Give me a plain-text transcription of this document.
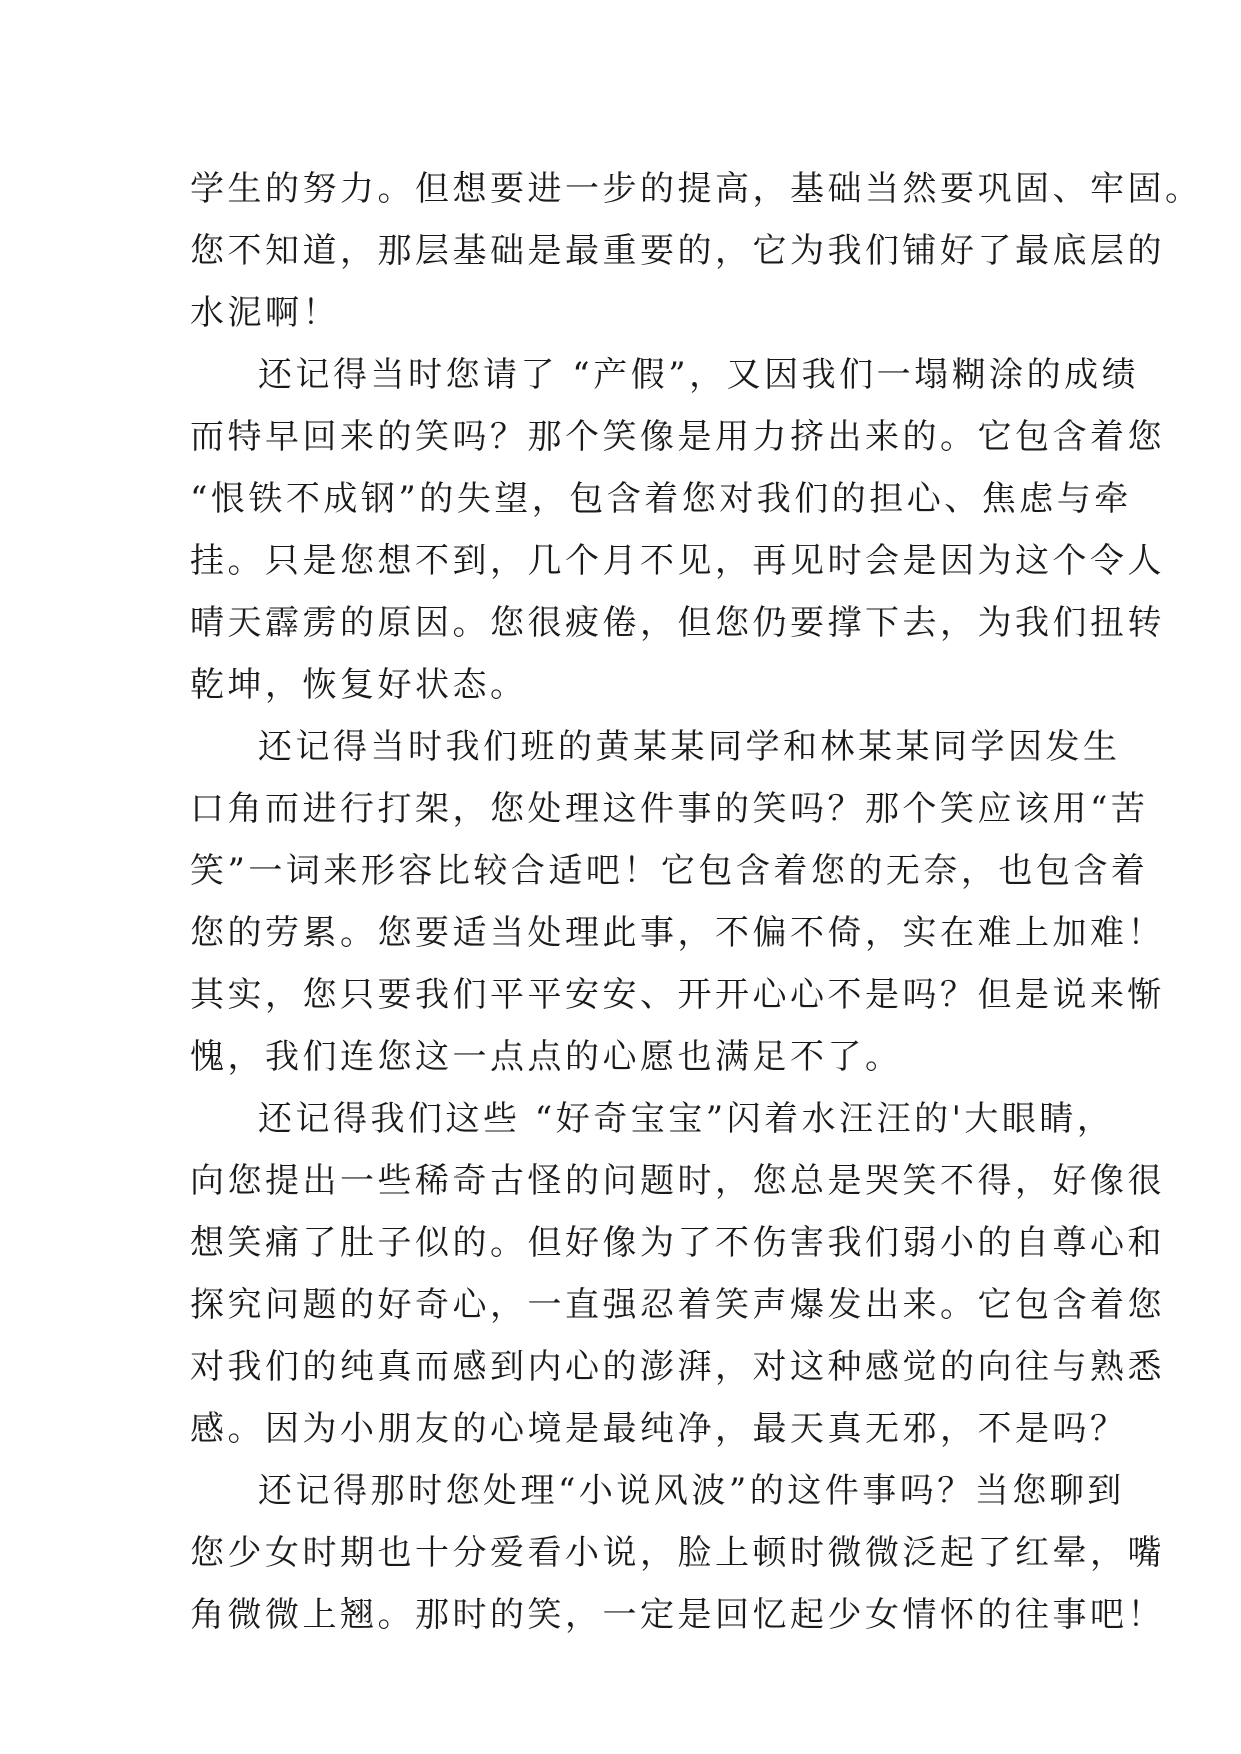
学生的努力。但想要进一步的提高，基础当然要巩固、牢固。
您不知道，那层基础是最重要的，它为我们铺好了最底层的
水泥啊！
还记得当时您请了 “产假”，又因我们一塌糊涂的成绩
而特早回来的笑吗？那个笑像是用力挤出来的。它包含着您
“恨铁不成钢”的失望，包含着您对我们的担心、焦虑与牵
挂。只是您想不到，几个月不见，再见时会是因为这个令人
晴天霹雳的原因。您很疲倦，但您仍要撑下去，为我们扭转
乾坤，恢复好状态。
还记得当时我们班的黄某某同学和林某某同学因发生
口角而进行打架，您处理这件事的笑吗？那个笑应该用“苦
笑”一词来形容比较合适吧！它包含着您的无奈，也包含着
您的劳累。您要适当处理此事，不偏不倚，实在难上加难！
其实，您只要我们平平安安、开开心心不是吗？但是说来惭
愧，我们连您这一点点的心愿也满足不了。
还记得我们这些 “好奇宝宝”闪着水汪汪的'大眼睛，
向您提出一些稀奇古怪的问题时，您总是哭笑不得，好像很
想笑痛了肚子似的。但好像为了不伤害我们弱小的自尊心和
探究问题的好奇心，一直强忍着笑声爆发出来。它包含着您
对我们的纯真而感到内心的澎湃，对这种感觉的向往与熟悉
感。因为小朋友的心境是最纯净，最天真无邪，不是吗？
还记得那时您处理“小说风波”的这件事吗？当您聊到
您少女时期也十分爱看小说，脸上顿时微微泛起了红晕，嘴
角微微上翘。那时的笑，一定是回忆起少女情怀的往事吧！
